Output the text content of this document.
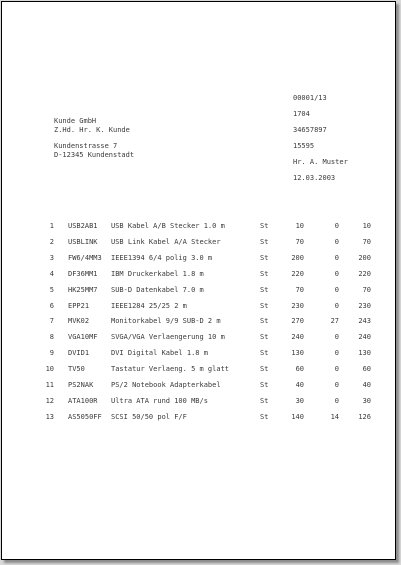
00001/13
1704
34657897
15595
Hr. A. Muster
12.03.2003
Kunde GmbH
Z.Hd. Hr. K. Kunde
Kundenstrasse 7
D-12345 Kundenstadt
1 USB2AB1 USB Kabel A/B Stecker 1.0 m	St	10	0	10
2 USBLINK USB Link Kabel A/A Stecker	St	70	0	70
3 FW6/4MM3 IEEE1394 6/4 polig 3.0 m	St	200	0	200
4 DF36MM1 IBM Druckerkabel 1.8 m	St	220	0	220
5 HK25MM7 SUB-D Datenkabel 7.0 m	St	70	0	70
6 EPP21	IEEE1284 25/25 2 m	St	230	0	230
7 MVK02	Monitorkabel 9/9 SUB-D 2 m	St	270	27	243
8 VGA10MF SVGA/VGA Verlaengerung 10 m	St	240	0	240
9 DVID1	DVI Digital Kabel 1.8 m	St	130	0	130
10 TV50	Tastatur Verlaeng. 5 m glatt	St	60	0	60
11 PS2NAK	PS/2 Notebook Adapterkabel	St	40	0	40
12 ATA100R Ultra ATA rund 100 MB/s	St	30	0	30
13 AS5050FF SCSI 50/50 pol F/F	St	140	14	126
